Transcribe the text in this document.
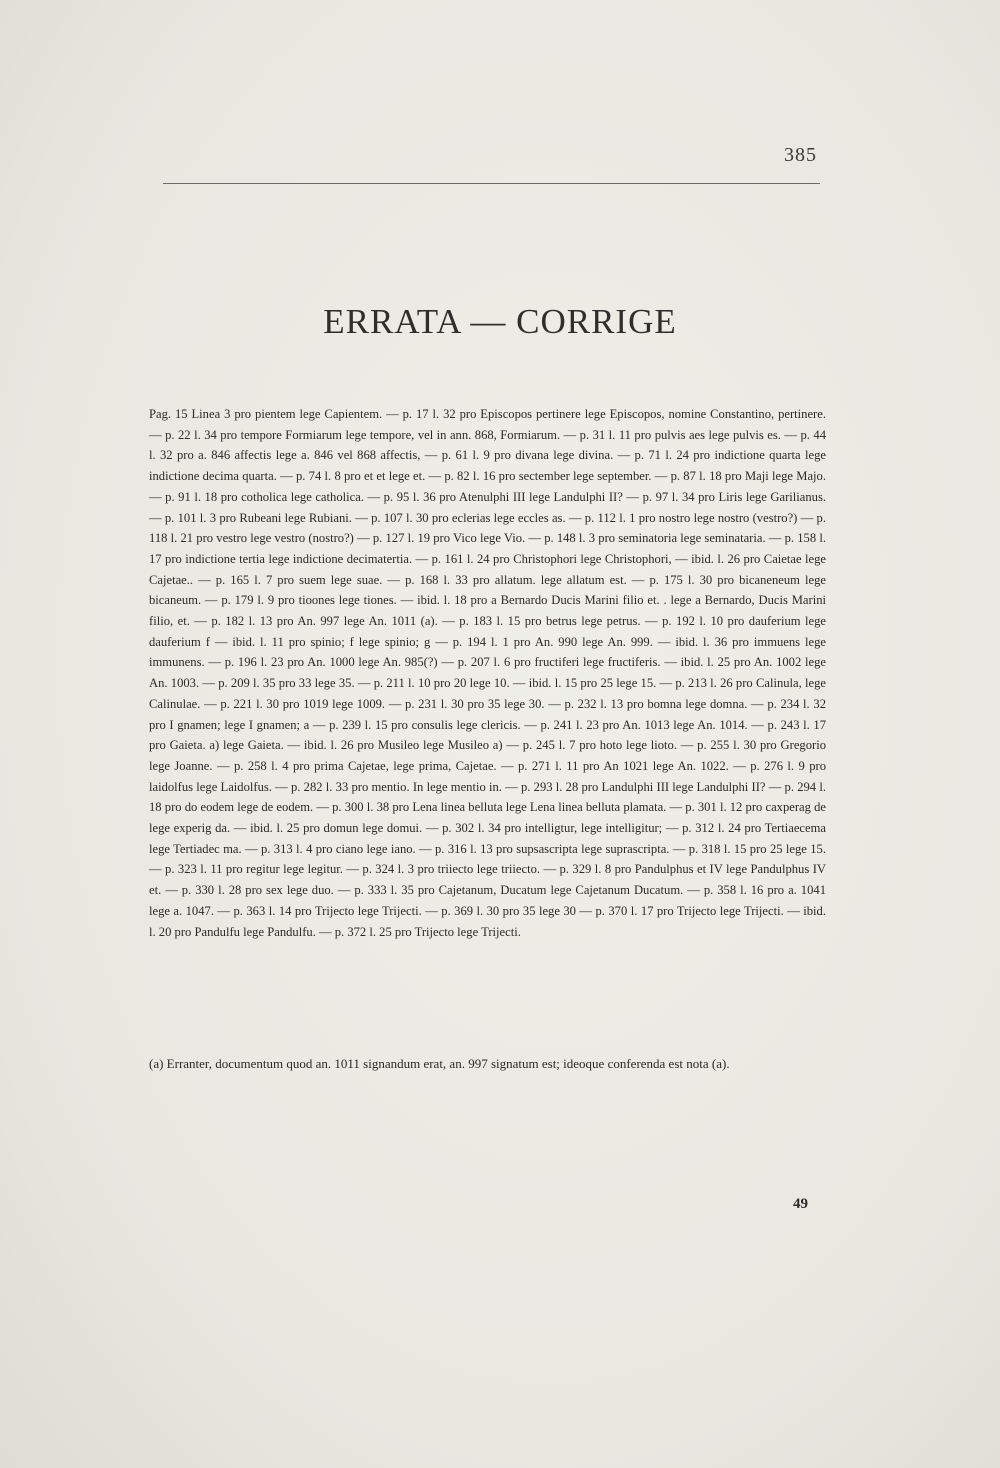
385
ERRATA — CORRIGE
Pag. 15 Linea 3 pro pientem lege Capientem. — p. 17 l. 32 pro Episcopos pertinere lege Episcopos, nomine Constantino, pertinere. — p. 22 l. 34 pro tempore Formiarum lege tempore, vel in ann. 868, Formiarum. — p. 31 l. 11 pro pulvis aes lege pulvis es. — p. 44 l. 32 pro a. 846 affectis lege a. 846 vel 868 affectis, — p. 61 l. 9 pro divana lege divina. — p. 71 l. 24 pro indictione quarta lege indictione decima quarta. — p. 74 l. 8 pro et et lege et. — p. 82 l. 16 pro sectember lege september. — p. 87 l. 18 pro Maji lege Majo. — p. 91 l. 18 pro cotholica lege catholica. — p. 95 l. 36 pro Atenulphi III lege Landulphi II? — p. 97 l. 34 pro Liris lege Garilianus. — p. 101 l. 3 pro Rubeani lege Rubiani. — p. 107 l. 30 pro eclerias lege eccles as. — p. 112 l. 1 pro nostro lege nostro (vestro?) — p. 118 l. 21 pro vestro lege vestro (nostro?) — p. 127 l. 19 pro Vico lege Vio. — p. 148 l. 3 pro seminatoria lege seminataria. — p. 158 l. 17 pro indictione tertia lege indictione decimatertia. — p. 161 l. 24 pro Christophori lege Christophori, — ibid. l. 26 pro Caietae lege Cajetae.. — p. 165 l. 7 pro suem lege suae. — p. 168 l. 33 pro allatum. lege allatum est. — p. 175 l. 30 pro bicaneneum lege bicaneum. — p. 179 l. 9 pro tioones lege tiones. — ibid. l. 18 pro a Bernardo Ducis Marini filio et. . lege a Bernardo, Ducis Marini filio, et. — p. 182 l. 13 pro An. 997 lege An. 1011 (a). — p. 183 l. 15 pro betrus lege petrus. — p. 192 l. 10 pro dauferium lege dauferium f — ibid. l. 11 pro spinio; f lege spinio; g — p. 194 l. 1 pro An. 990 lege An. 999. — ibid. l. 36 pro immuens lege immunens. — p. 196 l. 23 pro An. 1000 lege An. 985(?) — p. 207 l. 6 pro fructiferi lege fructiferis. — ibid. l. 25 pro An. 1002 lege An. 1003. — p. 209 l. 35 pro 33 lege 35. — p. 211 l. 10 pro 20 lege 10. — ibid. l. 15 pro 25 lege 15. — p. 213 l. 26 pro Calinula, lege Calinulae. — p. 221 l. 30 pro 1019 lege 1009. — p. 231 l. 30 pro 35 lege 30. — p. 232 l. 13 pro bomna lege domna. — p. 234 l. 32 pro I gnamen; lege I gnamen; a — p. 239 l. 15 pro consulis lege clericis. — p. 241 l. 23 pro An. 1013 lege An. 1014. — p. 243 l. 17 pro Gaieta. a) lege Gaieta. — ibid. l. 26 pro Musileo lege Musileo a) — p. 245 l. 7 pro hoto lege lioto. — p. 255 l. 30 pro Gregorio lege Joanne. — p. 258 l. 4 pro prima Cajetae, lege prima, Cajetae. — p. 271 l. 11 pro An 1021 lege An. 1022. — p. 276 l. 9 pro laidolfus lege Laidolfus. — p. 282 l. 33 pro mentio. In lege mentio in. — p. 293 l. 28 pro Landulphi III lege Landulphi II? — p. 294 l. 18 pro do eodem lege de eodem. — p. 300 l. 38 pro Lena linea belluta lege Lena linea belluta plamata. — p. 301 l. 12 pro caxperag de lege experig da. — ibid. l. 25 pro domun lege domui. — p. 302 l. 34 pro intelligtur, lege intelligitur; — p. 312 l. 24 pro Tertiaecema lege Tertiadec ma. — p. 313 l. 4 pro ciano lege iano. — p. 316 l. 13 pro supsascripta lege suprascripta. — p. 318 l. 15 pro 25 lege 15. — p. 323 l. 11 pro regitur lege legitur. — p. 324 l. 3 pro triiecto lege triiecto. — p. 329 l. 8 pro Pandulphus et IV lege Pandulphus IV et. — p. 330 l. 28 pro sex lege duo. — p. 333 l. 35 pro Cajetanum, Ducatum lege Cajetanum Ducatum. — p. 358 l. 16 pro a. 1041 lege a. 1047. — p. 363 l. 14 pro Trijecto lege Trijecti. — p. 369 l. 30 pro 35 lege 30 — p. 370 l. 17 pro Trijecto lege Trijecti. — ibid. l. 20 pro Pandulfu lege Pandulfu. — p. 372 l. 25 pro Trijecto lege Trijecti.
(a) Erranter, documentum quod an. 1011 signandum erat, an. 997 signatum est; ideoque conferenda est nota (a).
49
